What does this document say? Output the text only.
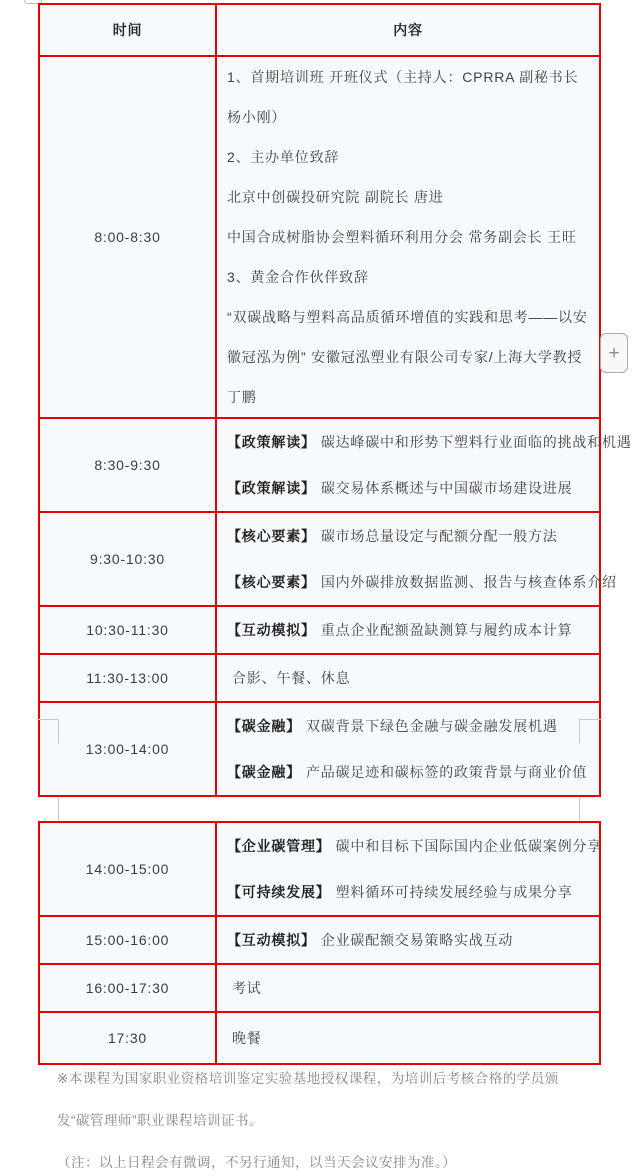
时间	内容
8:00-8:30	

1、首期培训班 开班仪式（主持人：CPRRA 副秘书长 杨小刚）

2、主办单位致辞

北京中创碳投研究院 副院长 唐进

中国合成树脂协会塑料循环利用分会 常务副会长 王旺

3、黄金合作伙伴致辞

“双碳战略与塑料高品质循环增值的实践和思考——以安徽冠泓为例” 安徽冠泓塑业有限公司专家/上海大学教授 丁鹏

8:30-9:30	【政策解读】 碳达峰碳中和形势下塑料行业面临的挑战和机遇
【政策解读】 碳交易体系概述与中国碳市场建设进展

9:30-10:30	【核心要素】 碳市场总量设定与配额分配一般方法
【核心要素】 国内外碳排放数据监测、报告与核查体系介绍

10:30-11:30	【互动模拟】 重点企业配额盈缺测算与履约成本计算

11:30-13:00	合影、午餐、休息

13:00-14:00	【碳金融】 双碳背景下绿色金融与碳金融发展机遇
【碳金融】 产品碳足迹和碳标签的政策背景与商业价值
+
14:00-15:00	【企业碳管理】 碳中和目标下国际国内企业低碳案例分享
【可持续发展】 塑料循环可持续发展经验与成果分享

15:00-16:00	【互动模拟】 企业碳配额交易策略实战互动

16:00-17:30	考试

17:30	晚餐

※本课程为国家职业资格培训鉴定实验基地授权课程，为培训后考核合格的学员颁发“碳管理师”职业课程培训证书。

（注：以上日程会有微调，不另行通知，以当天会议安排为准。）
